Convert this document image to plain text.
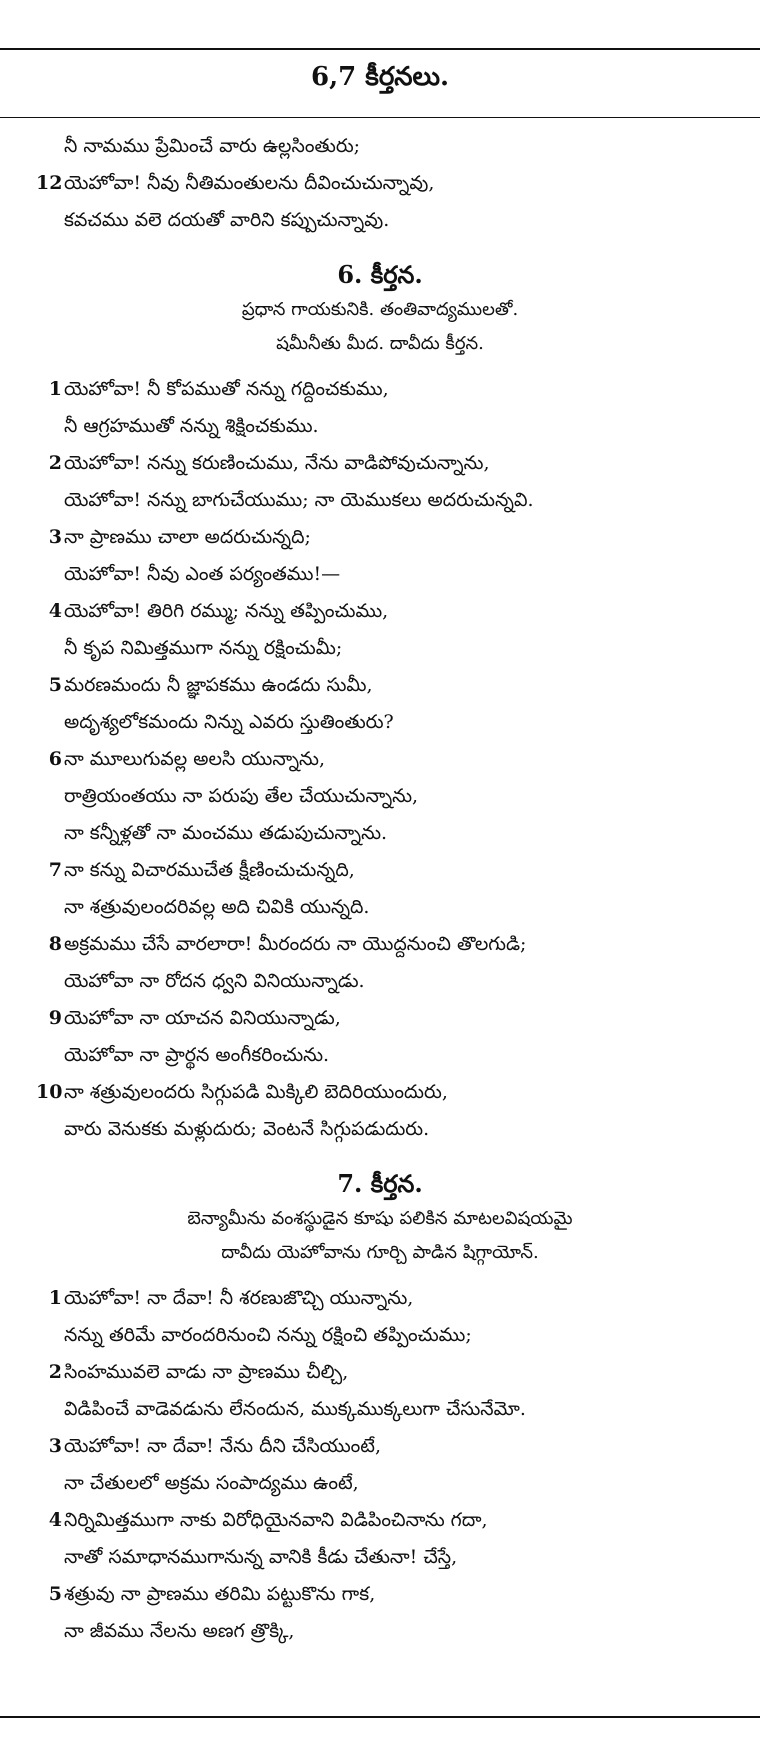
6,7 కీర్తనలు.
నీ నామము ప్రేమించే వారు ఉల్లసింతురు;
12 యెహోవా! నీవు నీతిమంతులను దీవించుచున్నావు,
కవచము వలె దయతో వారిని కప్పుచున్నావు.
6. కీర్తన.
ప్రధాన గాయకునికి. తంతివాద్యములతో.
షమీనీతు మీద. దావీదు కీర్తన.
1 యెహోవా! నీ కోపముతో నన్ను గద్దించకుము,
నీ ఆగ్రహముతో నన్ను శిక్షించకుము.
2 యెహోవా! నన్ను కరుణించుము, నేను వాడిపోవుచున్నాను,
యెహోవా! నన్ను బాగుచేయుము; నా యెముకలు అదరుచున్నవి.
3 నా ప్రాణము చాలా అదరుచున్నది;
యెహోవా! నీవు ఎంత పర్యంతము!—
4 యెహోవా! తిరిగి రమ్ము; నన్ను తప్పించుము,
నీ కృప నిమిత్తముగా నన్ను రక్షించుమీ;
5 మరణమందు నీ జ్ఞాపకము ఉండదు సుమీ,
అదృశ్యలోకమందు నిన్ను ఎవరు స్తుతింతురు?
6 నా మూలుగువల్ల అలసి యున్నాను,
రాత్రియంతయు నా పరుపు తేల చేయుచున్నాను,
నా కన్నీళ్లతో నా మంచము తడుపుచున్నాను.
7 నా కన్ను విచారముచేత క్షీణించుచున్నది,
నా శత్రువులందరివల్ల అది చివికి యున్నది.
8 అక్రమము చేసే వారలారా! మీరందరు నా యొద్దనుంచి తొలగుడి;
యెహోవా నా రోదన ధ్వని వినియున్నాడు.
9 యెహోవా నా యాచన వినియున్నాడు,
యెహోవా నా ప్రార్థన అంగీకరించును.
10 నా శత్రువులందరు సిగ్గుపడి మిక్కిలి బెదిరియుందురు,
వారు వెనుకకు మళ్లుదురు; వెంటనే సిగ్గుపడుదురు.
7. కీర్తన.
బెన్యామీను వంశస్థుడైన కూషు పలికిన మాటలవిషయమై
దావీదు యెహోవాను గూర్చి పాడిన షిగ్గాయోన్.
1 యెహోవా! నా దేవా! నీ శరణుజొచ్చి యున్నాను,
నన్ను తరిమే వారందరినుంచి నన్ను రక్షించి తప్పించుము;
2 సింహమువలె వాడు నా ప్రాణము చీల్చి,
విడిపించే వాడెవడును లేనందున, ముక్కముక్కలుగా చేసునేమో.
3 యెహోవా! నా దేవా! నేను దీని చేసియుంటే,
నా చేతులలో అక్రమ సంపాద్యము ఉంటే,
4 నిర్నిమిత్తముగా నాకు విరోధియైనవాని విడిపించినాను గదా,
నాతో సమాధానముగానున్న వానికి కీడు చేతునా! చేస్తే,
5 శత్రువు నా ప్రాణము తరిమి పట్టుకొను గాక,
నా జీవము నేలను అణగ త్రొక్కి,
